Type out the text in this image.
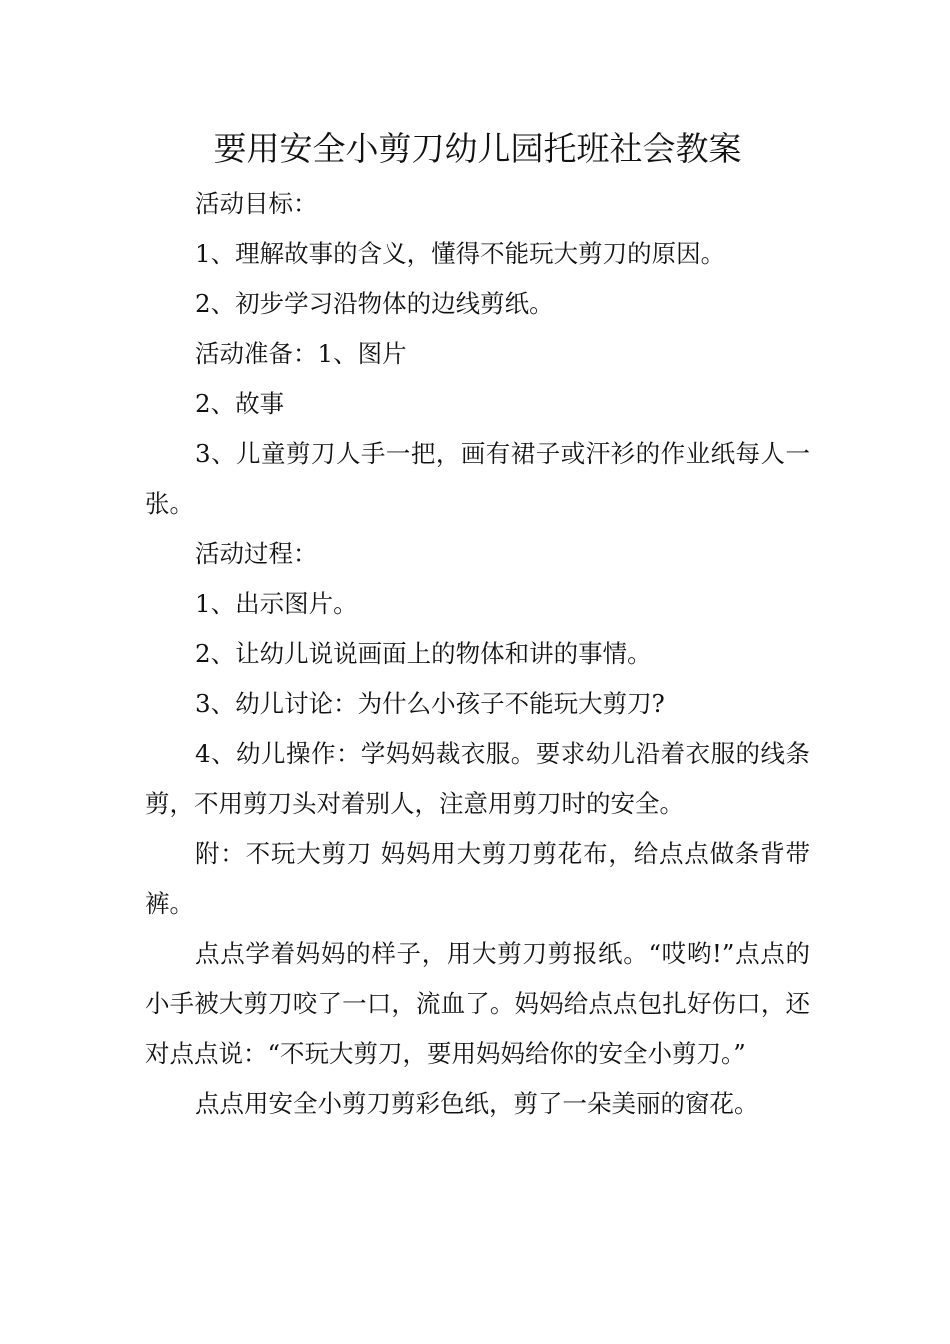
要用安全小剪刀幼儿园托班社会教案

活动目标：

1、理解故事的含义，懂得不能玩大剪刀的原因。

2、初步学习沿物体的边线剪纸。

活动准备：1、图片

2、故事

3、儿童剪刀人手一把，画有裙子或汗衫的作业纸每人一张。

活动过程：

1、出示图片。

2、让幼儿说说画面上的物体和讲的事情。

3、幼儿讨论：为什么小孩子不能玩大剪刀?

4、幼儿操作：学妈妈裁衣服。要求幼儿沿着衣服的线条剪，不用剪刀头对着别人，注意用剪刀时的安全。

附：不玩大剪刀 妈妈用大剪刀剪花布，给点点做条背带裤。

点点学着妈妈的样子，用大剪刀剪报纸。“哎哟!”点点的小手被大剪刀咬了一口，流血了。妈妈给点点包扎好伤口，还对点点说：“不玩大剪刀，要用妈妈给你的安全小剪刀。”

点点用安全小剪刀剪彩色纸，剪了一朵美丽的窗花。
